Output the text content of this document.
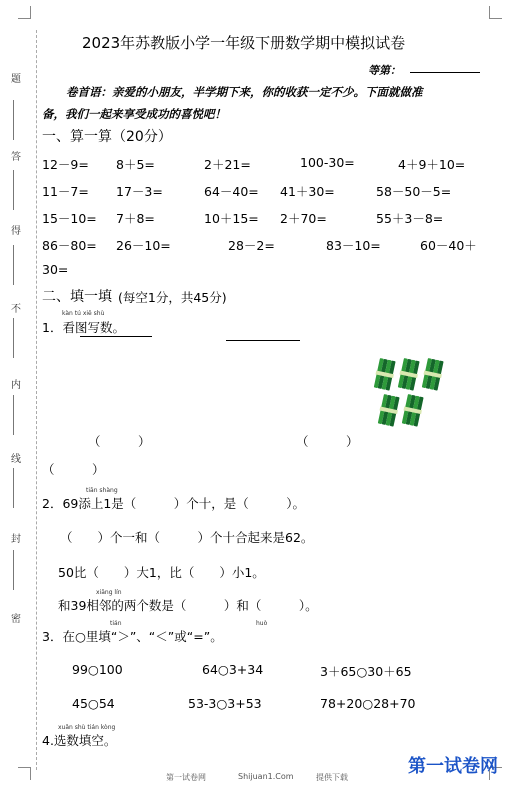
题
答
得
不
内
线
封
密
2023年苏教版小学一年级下册数学期中模拟试卷
等第：
卷首语：亲爱的小朋友，半学期下来，你的收获一定不少。下面就做准
备，我们一起来享受成功的喜悦吧！
一、算一算（20分）
12－9= 8＋5=	2＋21=	100-30=	4＋9＋10=
11－7= 17－3=	64－40= 41＋30=	58－50－5=
15－10= 7＋8=	10＋15= 2＋70=	55＋3－8=
86－80= 26－10=	28－2=	83－10=	60－40＋
30=
二、填一填 (每空1分，共45分)
kàn tú xiě shù
1．看图写数。
（　　　）	（　　　）
（　　　）
tiān shàng
2．69添上1是（　　　）个十，是（　　　）。
（　　）个一和（　　　）个十合起来是62。
50比（　　）大1，比（　　）小1。
xiāng lín
和39相邻的两个数是（　　　）和（　　　）。
tián	huò
3．在○里填“＞”、“＜”或“=”。
99○100	64○3+34	3＋65○30＋65
45○54	53-3○3+53	78+20○28+70
xuǎn shù tián kòng
4.选数填空。
第一试卷网	Shijuan1.Com	提供下载
第一试卷网
